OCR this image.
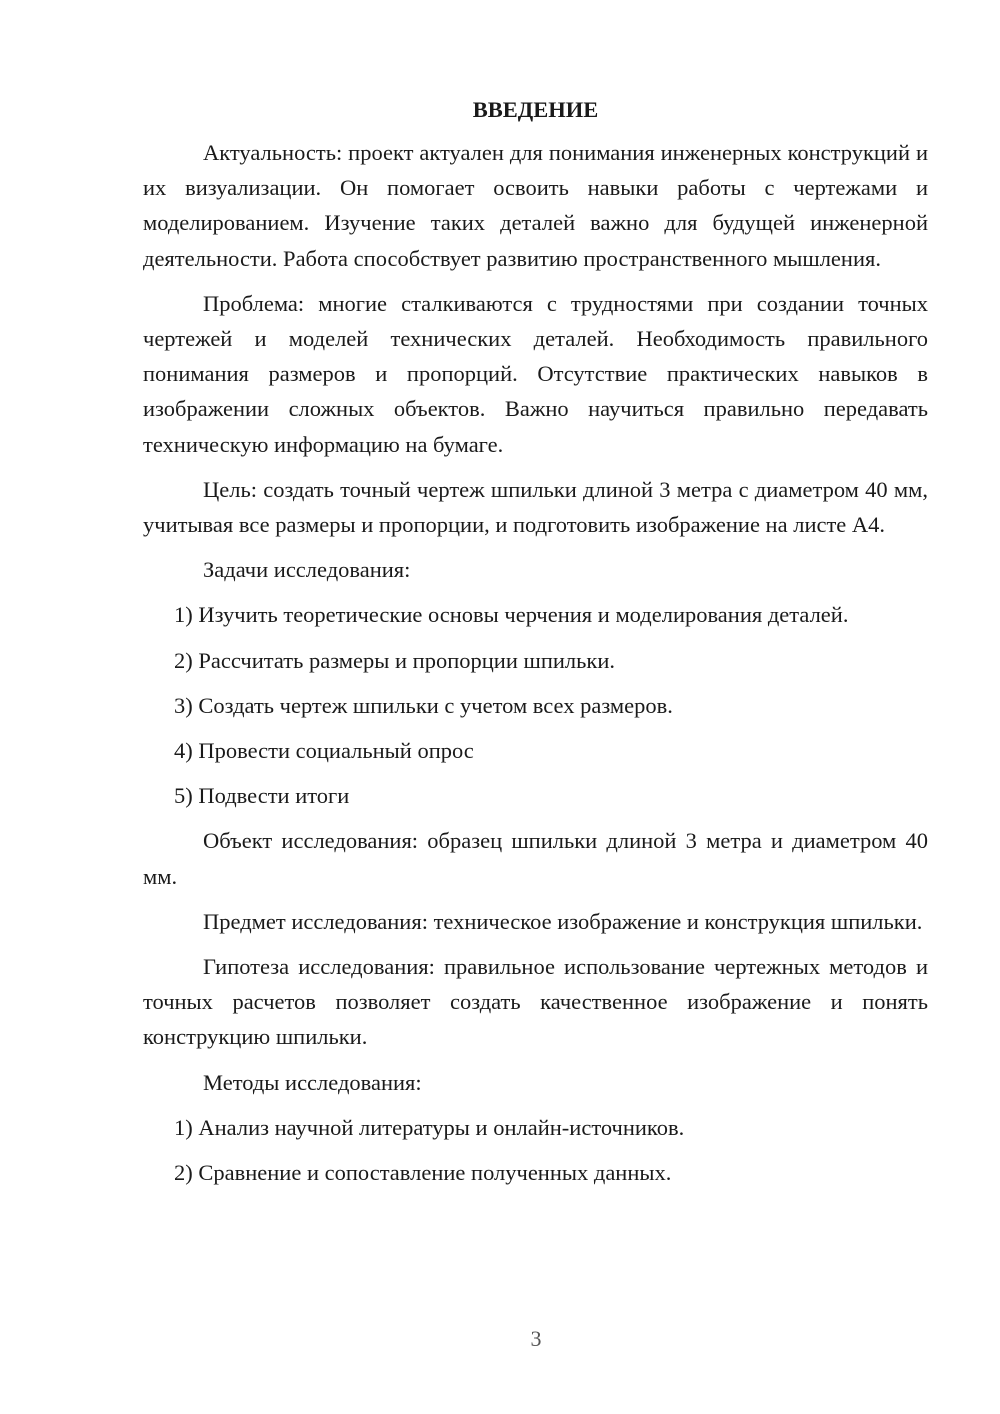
ВВЕДЕНИЕ

Актуальность: проект актуален для понимания инженерных конструкций и их визуализации. Он помогает освоить навыки работы с чертежами и моделированием. Изучение таких деталей важно для будущей инженерной деятельности. Работа способствует развитию пространственного мышления.

Проблема: многие сталкиваются с трудностями при создании точных чертежей и моделей технических деталей. Необходимость правильного понимания размеров и пропорций. Отсутствие практических навыков в изображении сложных объектов. Важно научиться правильно передавать техническую информацию на бумаге.

Цель: создать точный чертеж шпильки длиной 3 метра с диаметром 40 мм, учитывая все размеры и пропорции, и подготовить изображение на листе А4.

Задачи исследования:

1) Изучить теоретические основы черчения и моделирования деталей.

2) Рассчитать размеры и пропорции шпильки.

3) Создать чертеж шпильки с учетом всех размеров.

4) Провести социальный опрос

5) Подвести итоги

Объект исследования: образец шпильки длиной 3 метра и диаметром 40 мм.

Предмет исследования: техническое изображение и конструкция шпильки.

Гипотеза исследования: правильное использование чертежных методов и точных расчетов позволяет создать качественное изображение и понять конструкцию шпильки.

Методы исследования:

1) Анализ научной литературы и онлайн-источников.

2) Сравнение и сопоставление полученных данных.

3
